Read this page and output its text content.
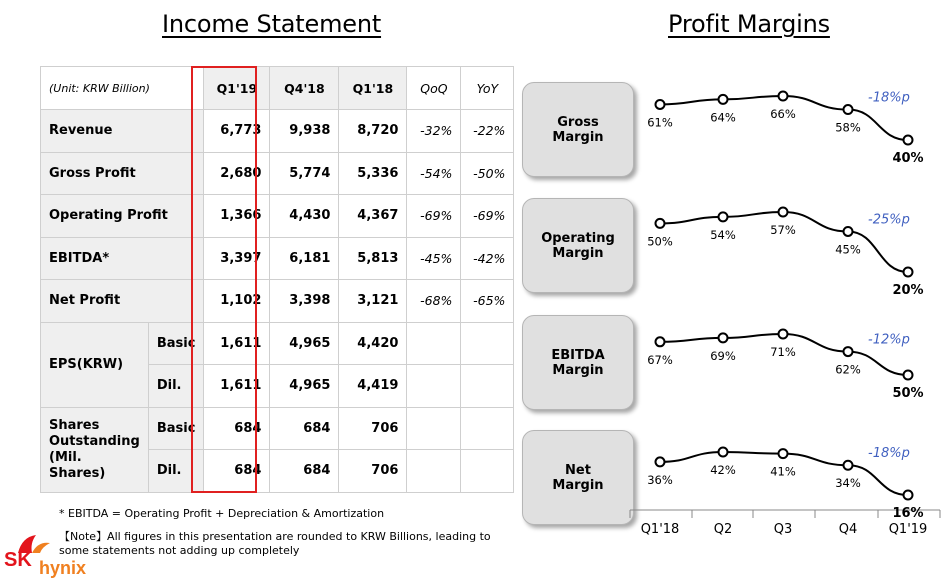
Income Statement	Profit Margins
(Unit: KRW Billion)		Q1'19	Q4'18	Q1'18	QoQ	YoY
Revenue		6,773	9,938	8,720	-32%	-22%
Gross Profit		2,680	5,774	5,336	-54%	-50%
Operating Profit		1,366	4,430	4,367	-69%	-69%
EBITDA*		3,397	6,181	5,813	-45%	-42%
Net Profit		1,102	3,398	3,121	-68%	-65%
EPS(KRW)	Basic	1,611	4,965	4,420		
	Dil.	1,611	4,965	4,419		
Shares Outstanding (Mil. Shares)	Basic	684	684	706		
	Dil.	684	684	706		
* EBITDA = Operating Profit + Depreciation & Amortization
【Note】All figures in this presentation are rounded to KRW Billions, leading to some statements not adding up completely
SK hynix
Gross
Margin
Operating
Margin
EBITDA
Margin
Net
Margin
Q1'18	Q2	Q3	Q4 Q1'19
61%	64%	66%
58%
40%
-18%p
50%	54%	57%
45%
20%
-25%p
67%	69%	71%
62%
50%
-12%p
36%
42%	41%
34%
16%
-18%p
